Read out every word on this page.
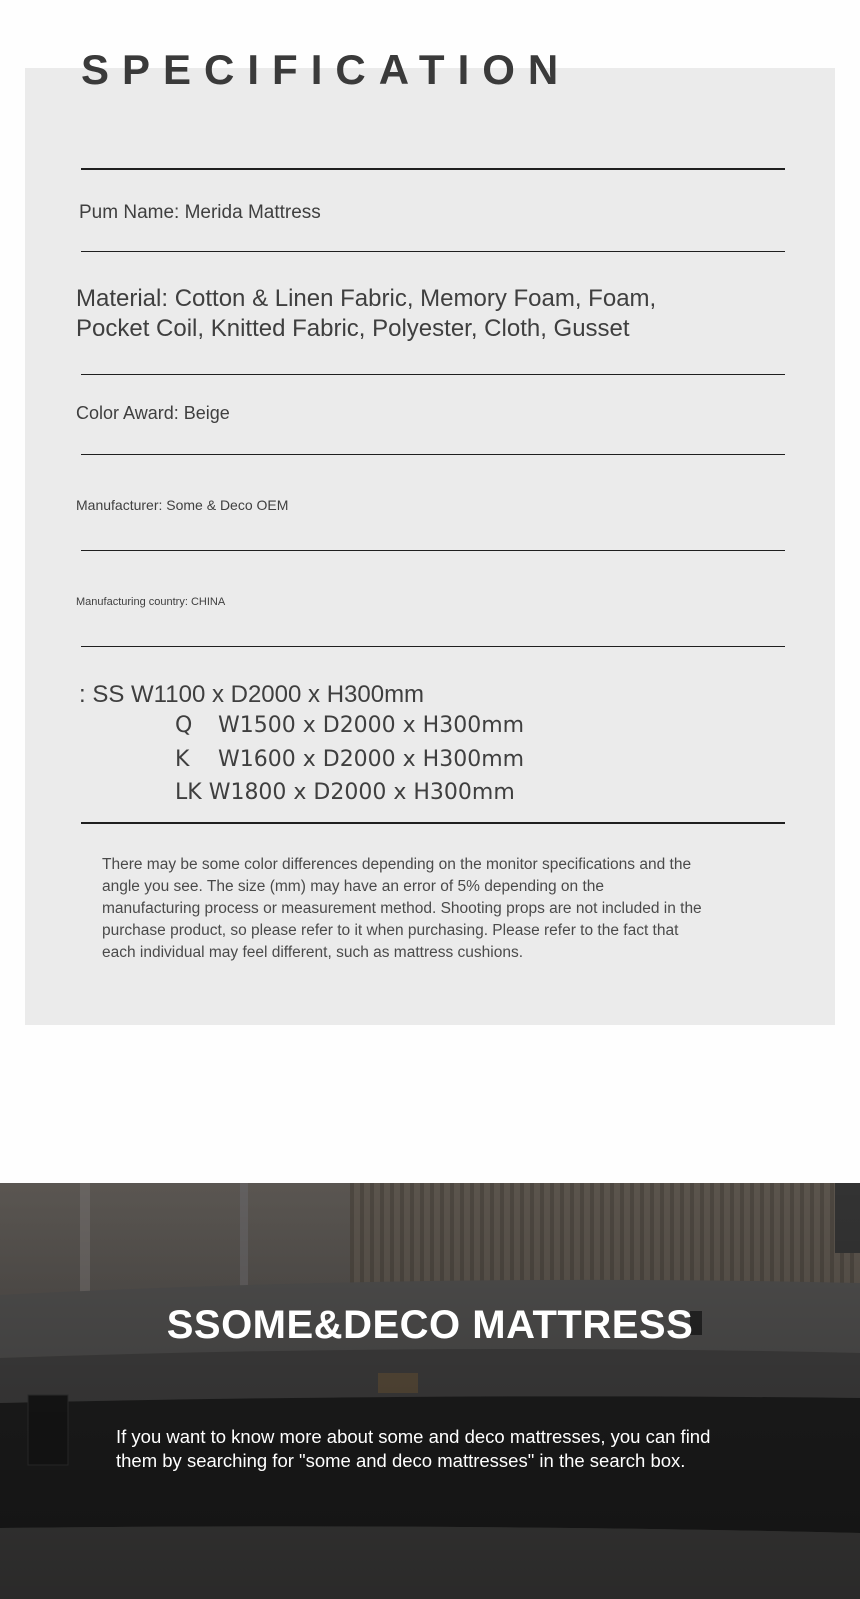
SPECIFICATION

Pum Name: Merida Mattress

Material: Cotton & Linen Fabric, Memory Foam, Foam,

Pocket Coil, Knitted Fabric, Polyester, Cloth, Gusset

Color Award: Beige

Manufacturer: Some & Deco OEM

Manufacturing country: CHINA

: SS W1100 x D2000 x H300mm

Q W1500 x D2000 x H300mm

K W1600 x D2000 x H300mm

LK W1800 x D2000 x H300mm

There may be some color differences depending on the monitor specifications and the angle you see. The size (mm) may have an error of 5% depending on the manufacturing process or measurement method. Shooting props are not included in the purchase product, so please refer to it when purchasing. Please refer to the fact that each individual may feel different, such as mattress cushions.

SSOME&DECO MATTRESS

If you want to know more about some and deco mattresses, you can find them by searching for "some and deco mattresses" in the search box.
